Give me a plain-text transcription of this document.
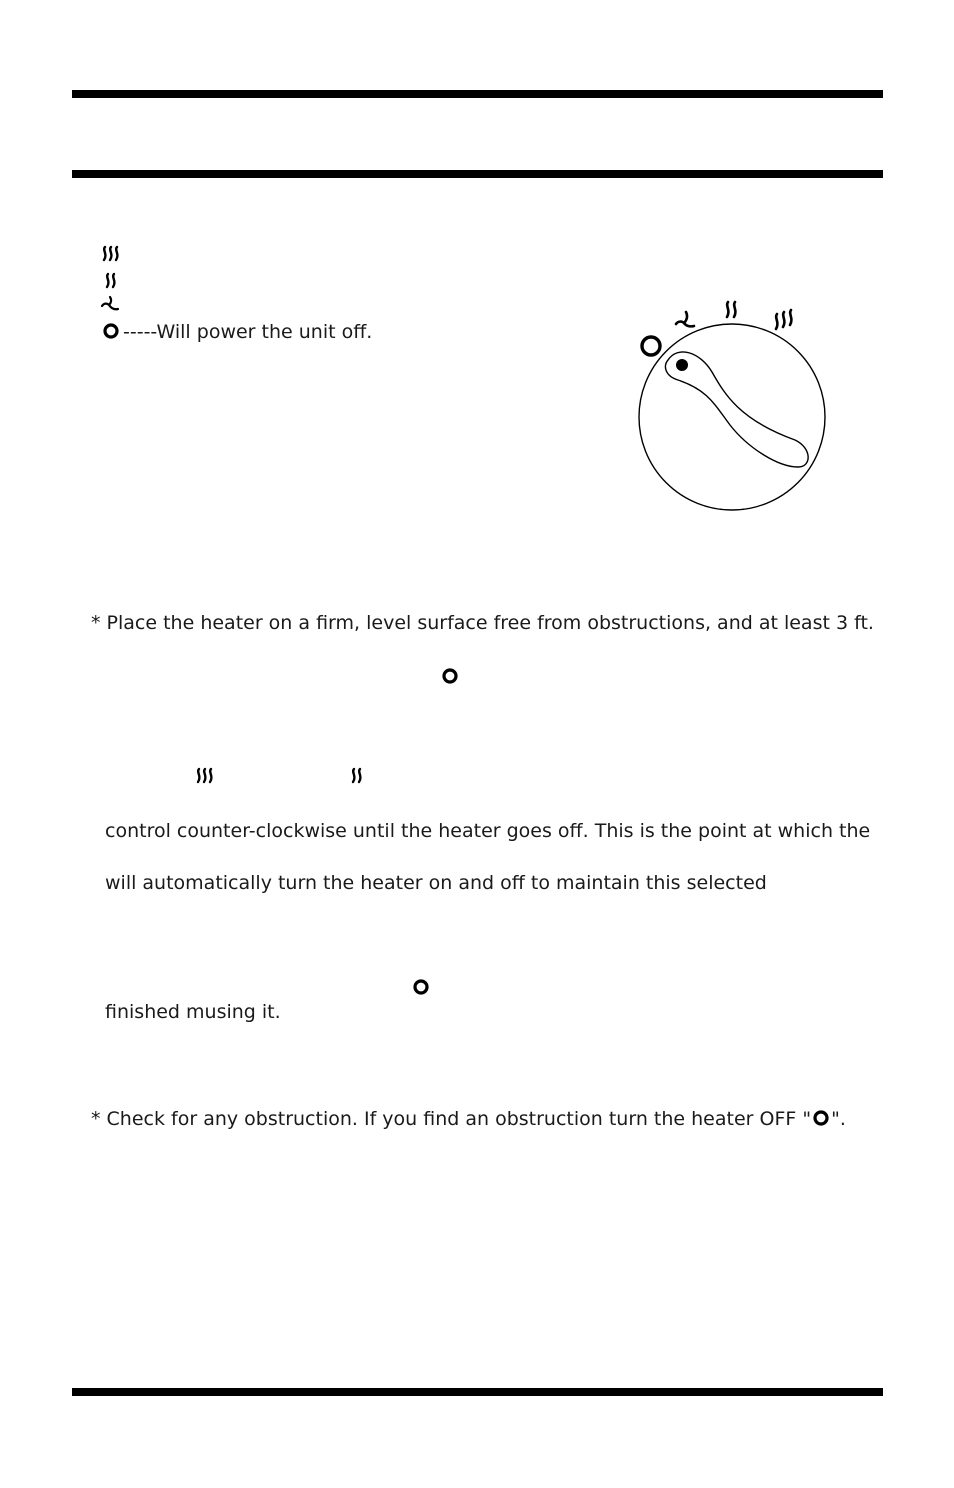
-----Will power the unit off.
* Place the heater on a firm, level surface free from obstructions, and at least 3 ft.
control counter-clockwise until the heater goes off. This is the point at which the
will automatically turn the heater on and off to maintain this selected
finished musing it.
* Check for any obstruction. If you find an obstruction turn the heater OFF " ".
